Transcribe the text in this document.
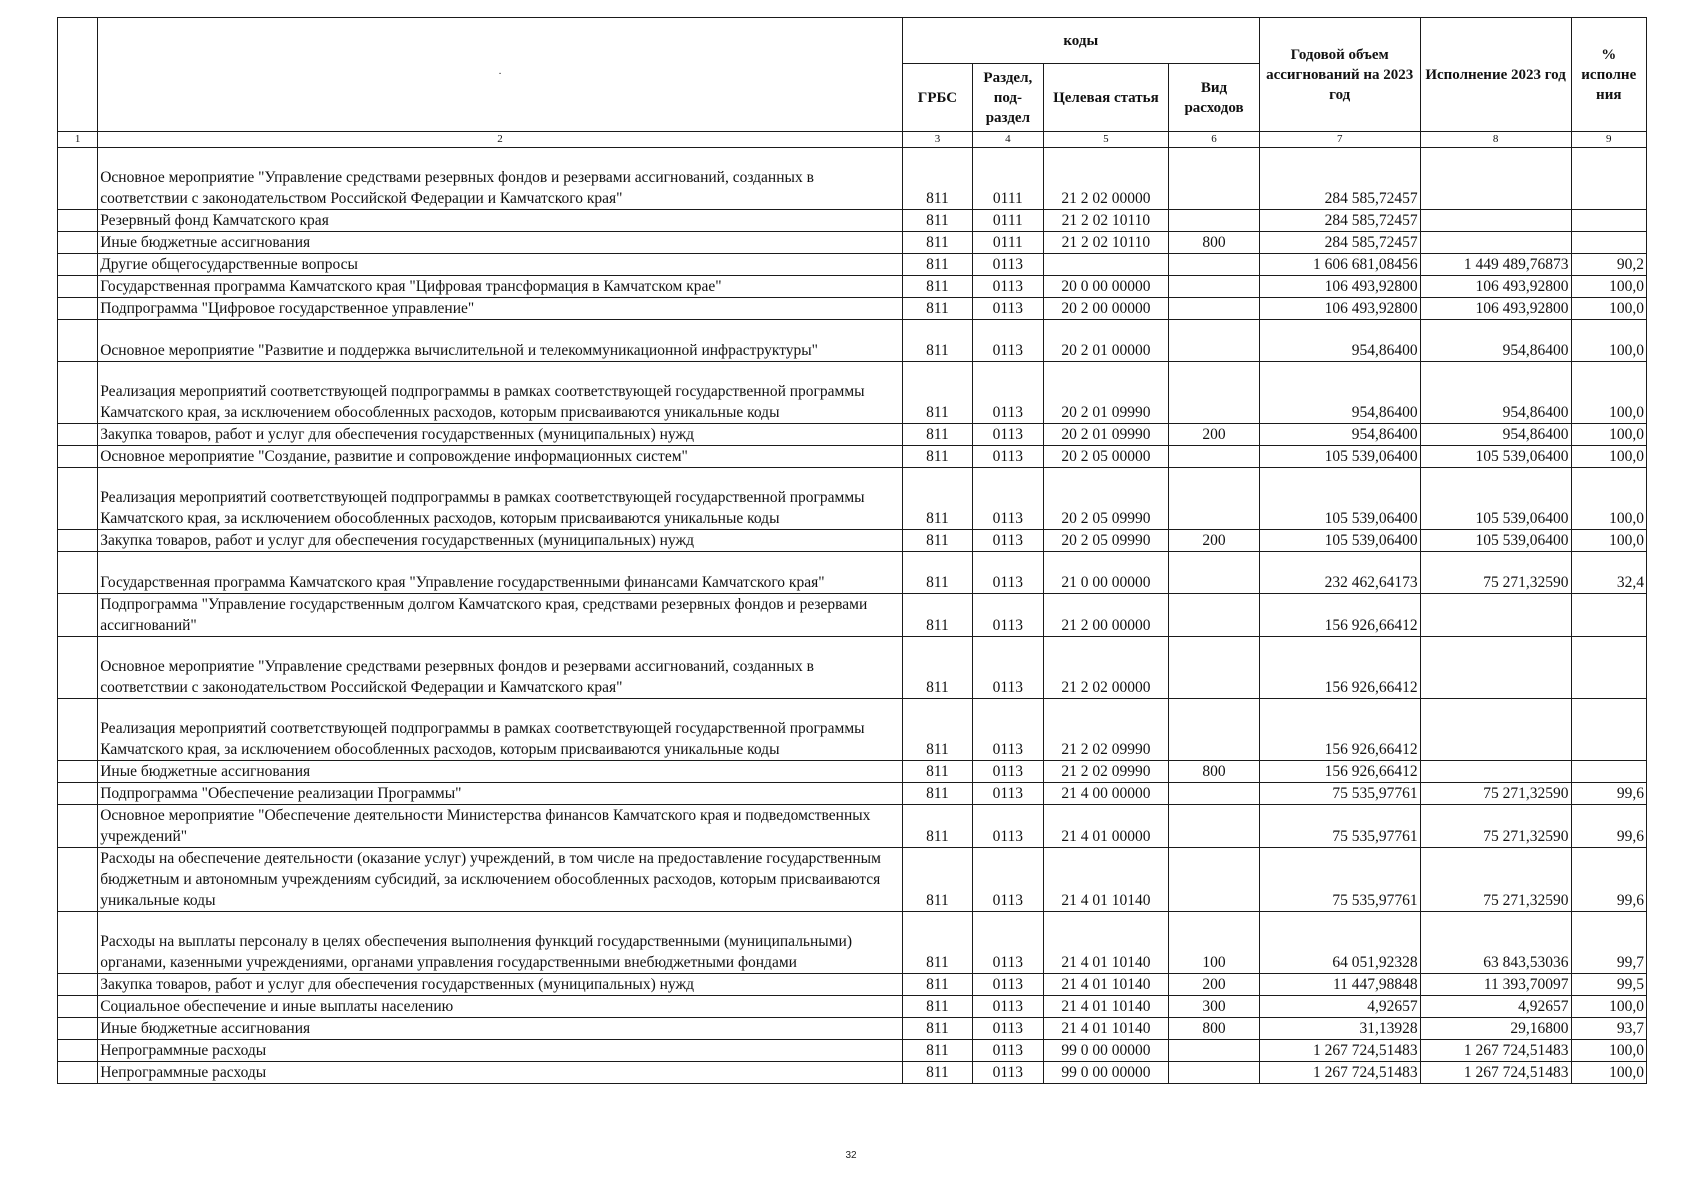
	·	коды				Годовой объем ассигнований на 2023 год	Исполнение 2023 год	% исполне ния
		ГРБС	Раздел, под-раздел	Целевая статья	Вид расходов			
1	2	3	4	5	6	7	8	9
	Основное мероприятие "Управление средствами резервных фондов и резервами ассигнований, созданных в соответствии с законодательством Российской Федерации и Камчатского края"	811	0111	21 2 02 00000		284 585,72457		
	Резервный фонд Камчатского края	811	0111	21 2 02 10110		284 585,72457		
	Иные бюджетные ассигнования	811	0111	21 2 02 10110	800	284 585,72457		
	Другие общегосударственные вопросы	811	0113			1 606 681,08456	1 449 489,76873	90,2
	Государственная программа Камчатского края "Цифровая трансформация в Камчатском крае"	811	0113	20 0 00 00000		106 493,92800	106 493,92800	100,0
	Подпрограмма "Цифровое государственное управление"	811	0113	20 2 00 00000		106 493,92800	106 493,92800	100,0
	Основное мероприятие "Развитие и поддержка вычислительной и телекоммуникационной инфраструктуры"	811	0113	20 2 01 00000		954,86400	954,86400	100,0
	Реализация мероприятий соответствующей подпрограммы в рамках соответствующей государственной программы Камчатского края, за исключением обособленных расходов, которым присваиваются уникальные коды	811	0113	20 2 01 09990		954,86400	954,86400	100,0
	Закупка товаров, работ и услуг для обеспечения государственных (муниципальных) нужд	811	0113	20 2 01 09990	200	954,86400	954,86400	100,0
	Основное мероприятие "Создание, развитие и сопровождение информационных систем"	811	0113	20 2 05 00000		105 539,06400	105 539,06400	100,0
	Реализация мероприятий соответствующей подпрограммы в рамках соответствующей государственной программы Камчатского края, за исключением обособленных расходов, которым присваиваются уникальные коды	811	0113	20 2 05 09990		105 539,06400	105 539,06400	100,0
	Закупка товаров, работ и услуг для обеспечения государственных (муниципальных) нужд	811	0113	20 2 05 09990	200	105 539,06400	105 539,06400	100,0
	Государственная программа Камчатского края "Управление государственными финансами Камчатского края"	811	0113	21 0 00 00000		232 462,64173	75 271,32590	32,4
	Подпрограмма "Управление государственным долгом Камчатского края, средствами резервных фондов и резервами ассигнований"	811	0113	21 2 00 00000		156 926,66412		
	Основное мероприятие "Управление средствами резервных фондов и резервами ассигнований, созданных в соответствии с законодательством Российской Федерации и Камчатского края"	811	0113	21 2 02 00000		156 926,66412		
	Реализация мероприятий соответствующей подпрограммы в рамках соответствующей государственной программы Камчатского края, за исключением обособленных расходов, которым присваиваются уникальные коды	811	0113	21 2 02 09990		156 926,66412		
	Иные бюджетные ассигнования	811	0113	21 2 02 09990	800	156 926,66412		
	Подпрограмма "Обеспечение реализации Программы"	811	0113	21 4 00 00000		75 535,97761	75 271,32590	99,6
	Основное мероприятие "Обеспечение деятельности Министерства финансов Камчатского края и подведомственных учреждений"	811	0113	21 4 01 00000		75 535,97761	75 271,32590	99,6
	Расходы на обеспечение деятельности (оказание услуг) учреждений, в том числе на предоставление государственным бюджетным и автономным учреждениям субсидий, за исключением обособленных расходов, которым присваиваются уникальные коды	811	0113	21 4 01 10140		75 535,97761	75 271,32590	99,6
	Расходы на выплаты персоналу в целях обеспечения выполнения функций государственными (муниципальными) органами, казенными учреждениями, органами управления государственными внебюджетными фондами	811	0113	21 4 01 10140	100	64 051,92328	63 843,53036	99,7
	Закупка товаров, работ и услуг для обеспечения государственных (муниципальных) нужд	811	0113	21 4 01 10140	200	11 447,98848	11 393,70097	99,5
	Социальное обеспечение и иные выплаты населению	811	0113	21 4 01 10140	300	4,92657	4,92657	100,0
	Иные бюджетные ассигнования	811	0113	21 4 01 10140	800	31,13928	29,16800	93,7
	Непрограммные расходы	811	0113	99 0 00 00000		1 267 724,51483	1 267 724,51483	100,0
	Непрограммные расходы	811	0113	99 0 00 00000		1 267 724,51483	1 267 724,51483	100,0
32
